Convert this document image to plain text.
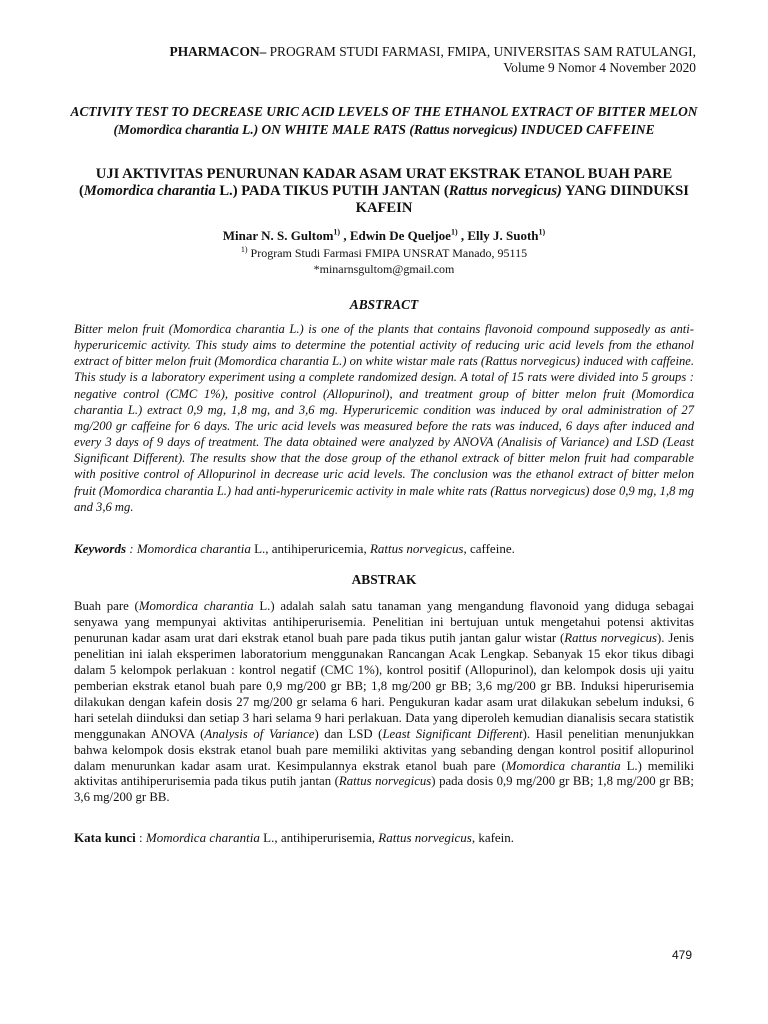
PHARMACON– PROGRAM STUDI FARMASI, FMIPA, UNIVERSITAS SAM RATULANGI,
Volume 9 Nomor 4 November 2020
ACTIVITY TEST TO DECREASE URIC ACID LEVELS OF THE ETHANOL EXTRACT OF BITTER MELON (Momordica charantia L.) ON WHITE MALE RATS (Rattus norvegicus) INDUCED CAFFEINE
UJI AKTIVITAS PENURUNAN KADAR ASAM URAT EKSTRAK ETANOL BUAH PARE (Momordica charantia L.) PADA TIKUS PUTIH JANTAN (Rattus norvegicus) YANG DIINDUKSI KAFEIN
Minar N. S. Gultom$^{1)}$ , Edwin De Queljoe$^{1)}$ , Elly J. Suoth$^{1)}$
$^{1)}$ Program Studi Farmasi FMIPA UNSRAT Manado, 95115
*minarnsgultom@gmail.com
ABSTRACT
Bitter melon fruit (Momordica charantia L.) is one of the plants that contains flavonoid compound supposedly as anti-hyperuricemic activity. This study aims to determine the potential activity of reducing uric acid levels from the ethanol extract of bitter melon fruit (Momordica charantia L.) on white wistar male rats (Rattus norvegicus) induced with caffeine. This study is a laboratory experiment using a complete randomized design. A total of 15 rats were divided into 5 groups : negative control (CMC 1%), positive control (Allopurinol), and treatment group of bitter melon fruit (Momordica charantia L.) extract 0,9 mg, 1,8 mg, and 3,6 mg. Hyperuricemic condition was induced by oral administration of 27 mg/200 gr caffeine for 6 days. The uric acid levels was measured before the rats was induced, 6 days after induced and every 3 days of 9 days of treatment. The data obtained were analyzed by ANOVA (Analisis of Variance) and LSD (Least Significant Different). The results show that the dose group of the ethanol extrack of bitter melon fruit had comparable with positive control of Allopurinol in decrease uric acid levels. The conclusion was the ethanol extract of bitter melon fruit (Momordica charantia L.) had anti-hyperuricemic activity in male white rats (Rattus norvegicus) dose 0,9 mg, 1,8 mg and 3,6 mg.
Keywords : Momordica charantia L., antihiperuricemia, Rattus norvegicus, caffeine.
ABSTRAK
Buah pare (Momordica charantia L.) adalah salah satu tanaman yang mengandung flavonoid yang diduga sebagai senyawa yang mempunyai aktivitas antihiperurisemia. Penelitian ini bertujuan untuk mengetahui potensi aktivitas penurunan kadar asam urat dari ekstrak etanol buah pare pada tikus putih jantan galur wistar (Rattus norvegicus). Jenis penelitian ini ialah eksperimen laboratorium menggunakan Rancangan Acak Lengkap. Sebanyak 15 ekor tikus dibagi dalam 5 kelompok perlakuan : kontrol negatif (CMC 1%), kontrol positif (Allopurinol), dan kelompok dosis uji yaitu pemberian ekstrak etanol buah pare 0,9 mg/200 gr BB; 1,8 mg/200 gr BB; 3,6 mg/200 gr BB. Induksi hiperurisemia dilakukan dengan kafein dosis 27 mg/200 gr selama 6 hari. Pengukuran kadar asam urat dilakukan sebelum induksi, 6 hari setelah diinduksi dan setiap 3 hari selama 9 hari perlakuan. Data yang diperoleh kemudian dianalisis secara statistik menggunakan ANOVA (Analysis of Variance) dan LSD (Least Significant Different). Hasil penelitian menunjukkan bahwa kelompok dosis ekstrak etanol buah pare memiliki aktivitas yang sebanding dengan kontrol positif allopurinol dalam menurunkan kadar asam urat. Kesimpulannya ekstrak etanol buah pare (Momordica charantia L.) memiliki aktivitas antihiperurisemia pada tikus putih jantan (Rattus norvegicus) pada dosis 0,9 mg/200 gr BB; 1,8 mg/200 gr BB; 3,6 mg/200 gr BB.
Kata kunci : Momordica charantia L., antihiperurisemia, Rattus norvegicus, kafein.
479
